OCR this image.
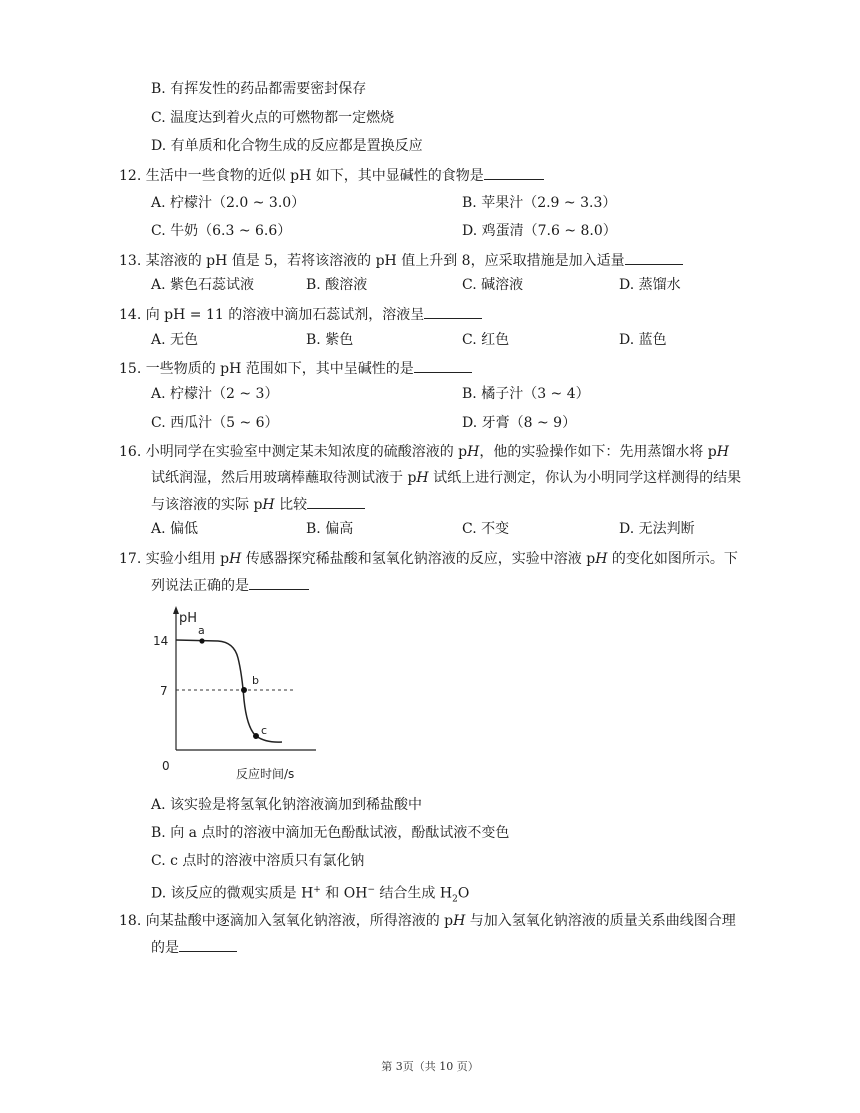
B. 有挥发性的药品都需要密封保存
C. 温度达到着火点的可燃物都一定燃烧
D. 有单质和化合物生成的反应都是置换反应
12. 生活中一些食物的近似 pH 如下，其中显碱性的食物是
A. 柠檬汁（2.0 ~ 3.0）	B. 苹果汁（2.9 ~ 3.3）
C. 牛奶（6.3 ~ 6.6）	D. 鸡蛋清（7.6 ~ 8.0）
13. 某溶液的 pH 值是 5，若将该溶液的 pH 值上升到 8，应采取措施是加入适量
A. 紫色石蕊试液	B. 酸溶液	C. 碱溶液	D. 蒸馏水
14. 向 pH = 11 的溶液中滴加石蕊试剂，溶液呈
A. 无色	B. 紫色	C. 红色	D. 蓝色
15. 一些物质的 pH 范围如下，其中呈碱性的是
A. 柠檬汁（2 ~ 3）	B. 橘子汁（3 ~ 4）
C. 西瓜汁（5 ~ 6）	D. 牙膏（8 ~ 9）
16. 小明同学在实验室中测定某未知浓度的硫酸溶液的 pH，他的实验操作如下：先用蒸馏水将 pH
试纸润湿，然后用玻璃棒蘸取待测试液于 pH 试纸上进行测定，你认为小明同学这样测得的结果
与该溶液的实际 pH 比较
A. 偏低	B. 偏高	C. 不变	D. 无法判断
17. 实验小组用 pH 传感器探究稀盐酸和氢氧化钠溶液的反应，实验中溶液 pH 的变化如图所示。下
列说法正确的是
pH
14
7
0
反应时间/s
a
b
c
A. 该实验是将氢氧化钠溶液滴加到稀盐酸中
B. 向 a 点时的溶液中滴加无色酚酞试液，酚酞试液不变色
C. c 点时的溶液中溶质只有氯化钠
D. 该反应的微观实质是 H+ 和 OH− 结合生成 $H_2O$
18. 向某盐酸中逐滴加入氢氧化钠溶液，所得溶液的 pH 与加入氢氧化钠溶液的质量关系曲线图合理
的是
第 3页（共 10 页）
